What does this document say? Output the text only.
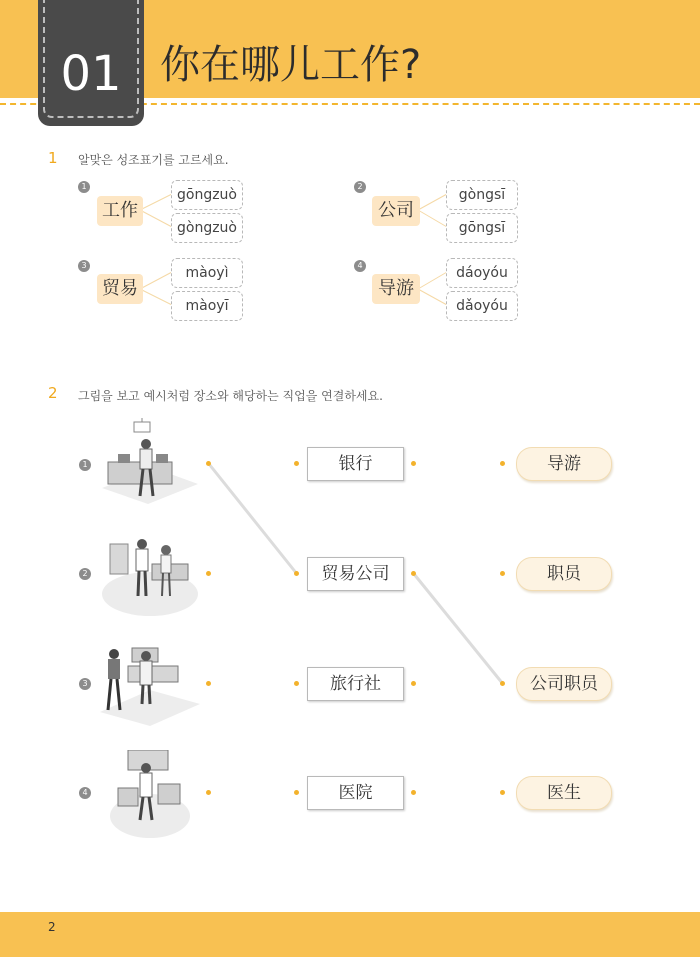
01 你在哪儿工作?
1 알맞은 성조표기를 고르세요.
1
工作
gōngzuò
gòngzuò
2
公司
gòngsī
gōngsī
3
贸易
màoyì
màoyī
4
导游
dáoyóu
dǎoyóu
2 그림을 보고 예시처럼 장소와 해당하는 직업을 연결하세요.
1
2
3
4
银行
贸易公司
旅行社
医院
导游
职员
公司职员
医生
2
